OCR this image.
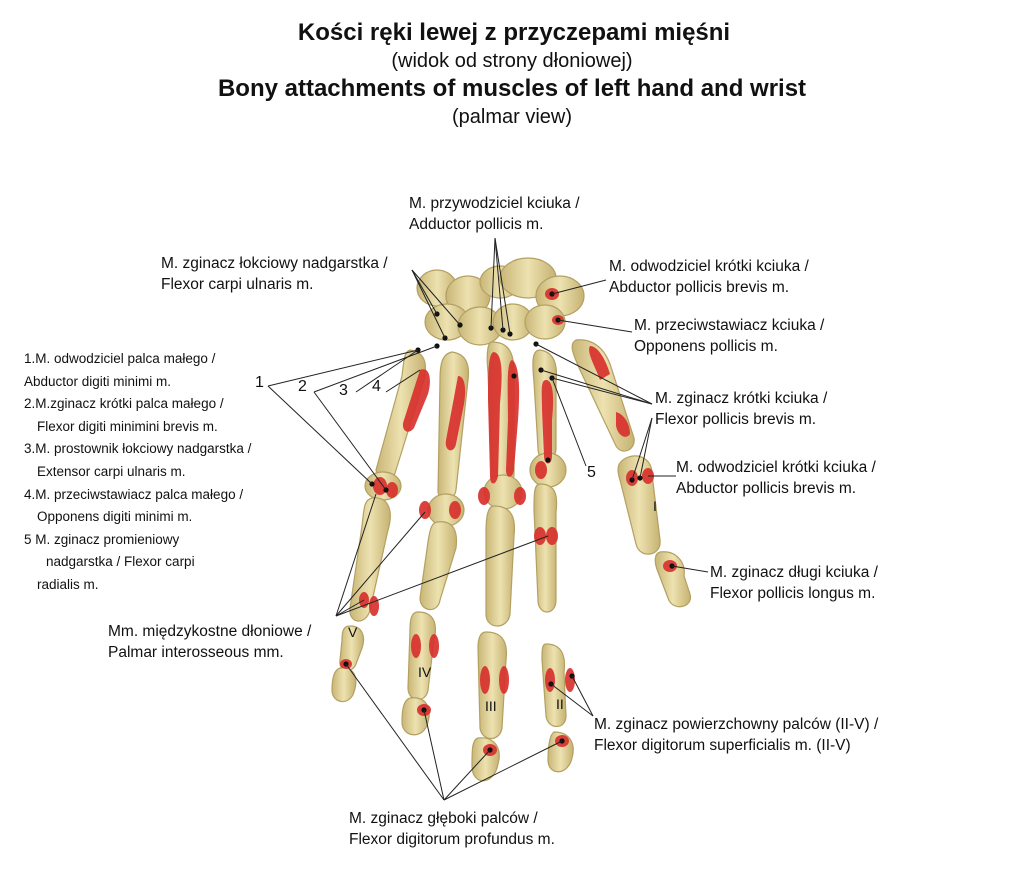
Kości ręki lewej z przyczepami mięśni
(widok od strony dłoniowej)
Bony attachments of muscles of left hand and wrist
(palmar view)
M. przywodziciel kciuka /
Adductor pollicis m.
M. zginacz łokciowy nadgarstka /
Flexor carpi ulnaris m.
M. odwodziciel krótki kciuka /
Abductor pollicis brevis m.
M. przeciwstawiacz kciuka /
Opponens pollicis m.
M. zginacz krótki kciuka /
Flexor pollicis brevis m.
M. odwodziciel krótki kciuka /
Abductor pollicis brevis m.
M. zginacz długi kciuka /
Flexor pollicis longus m.
Mm. międzykostne dłoniowe /
Palmar interosseous mm.
M. zginacz powierzchowny palców (II-V) /
Flexor digitorum superficialis m. (II-V)
M. zginacz głęboki palców /
Flexor digitorum profundus m.
1.M. odwodziciel palca małego /
Abductor digiti minimi m.
2.M.zginacz krótki palca małego /
Flexor digiti minimini brevis m.
3.M. prostownik łokciowy nadgarstka /
Extensor carpi ulnaris m.
4.M. przeciwstawiacz palca małego /
Opponens digiti minimi m.
5 M. zginacz promieniowy
nadgarstka / Flexor carpi
radialis m.
1 2 3 4
5
I
II
III
IV
V
